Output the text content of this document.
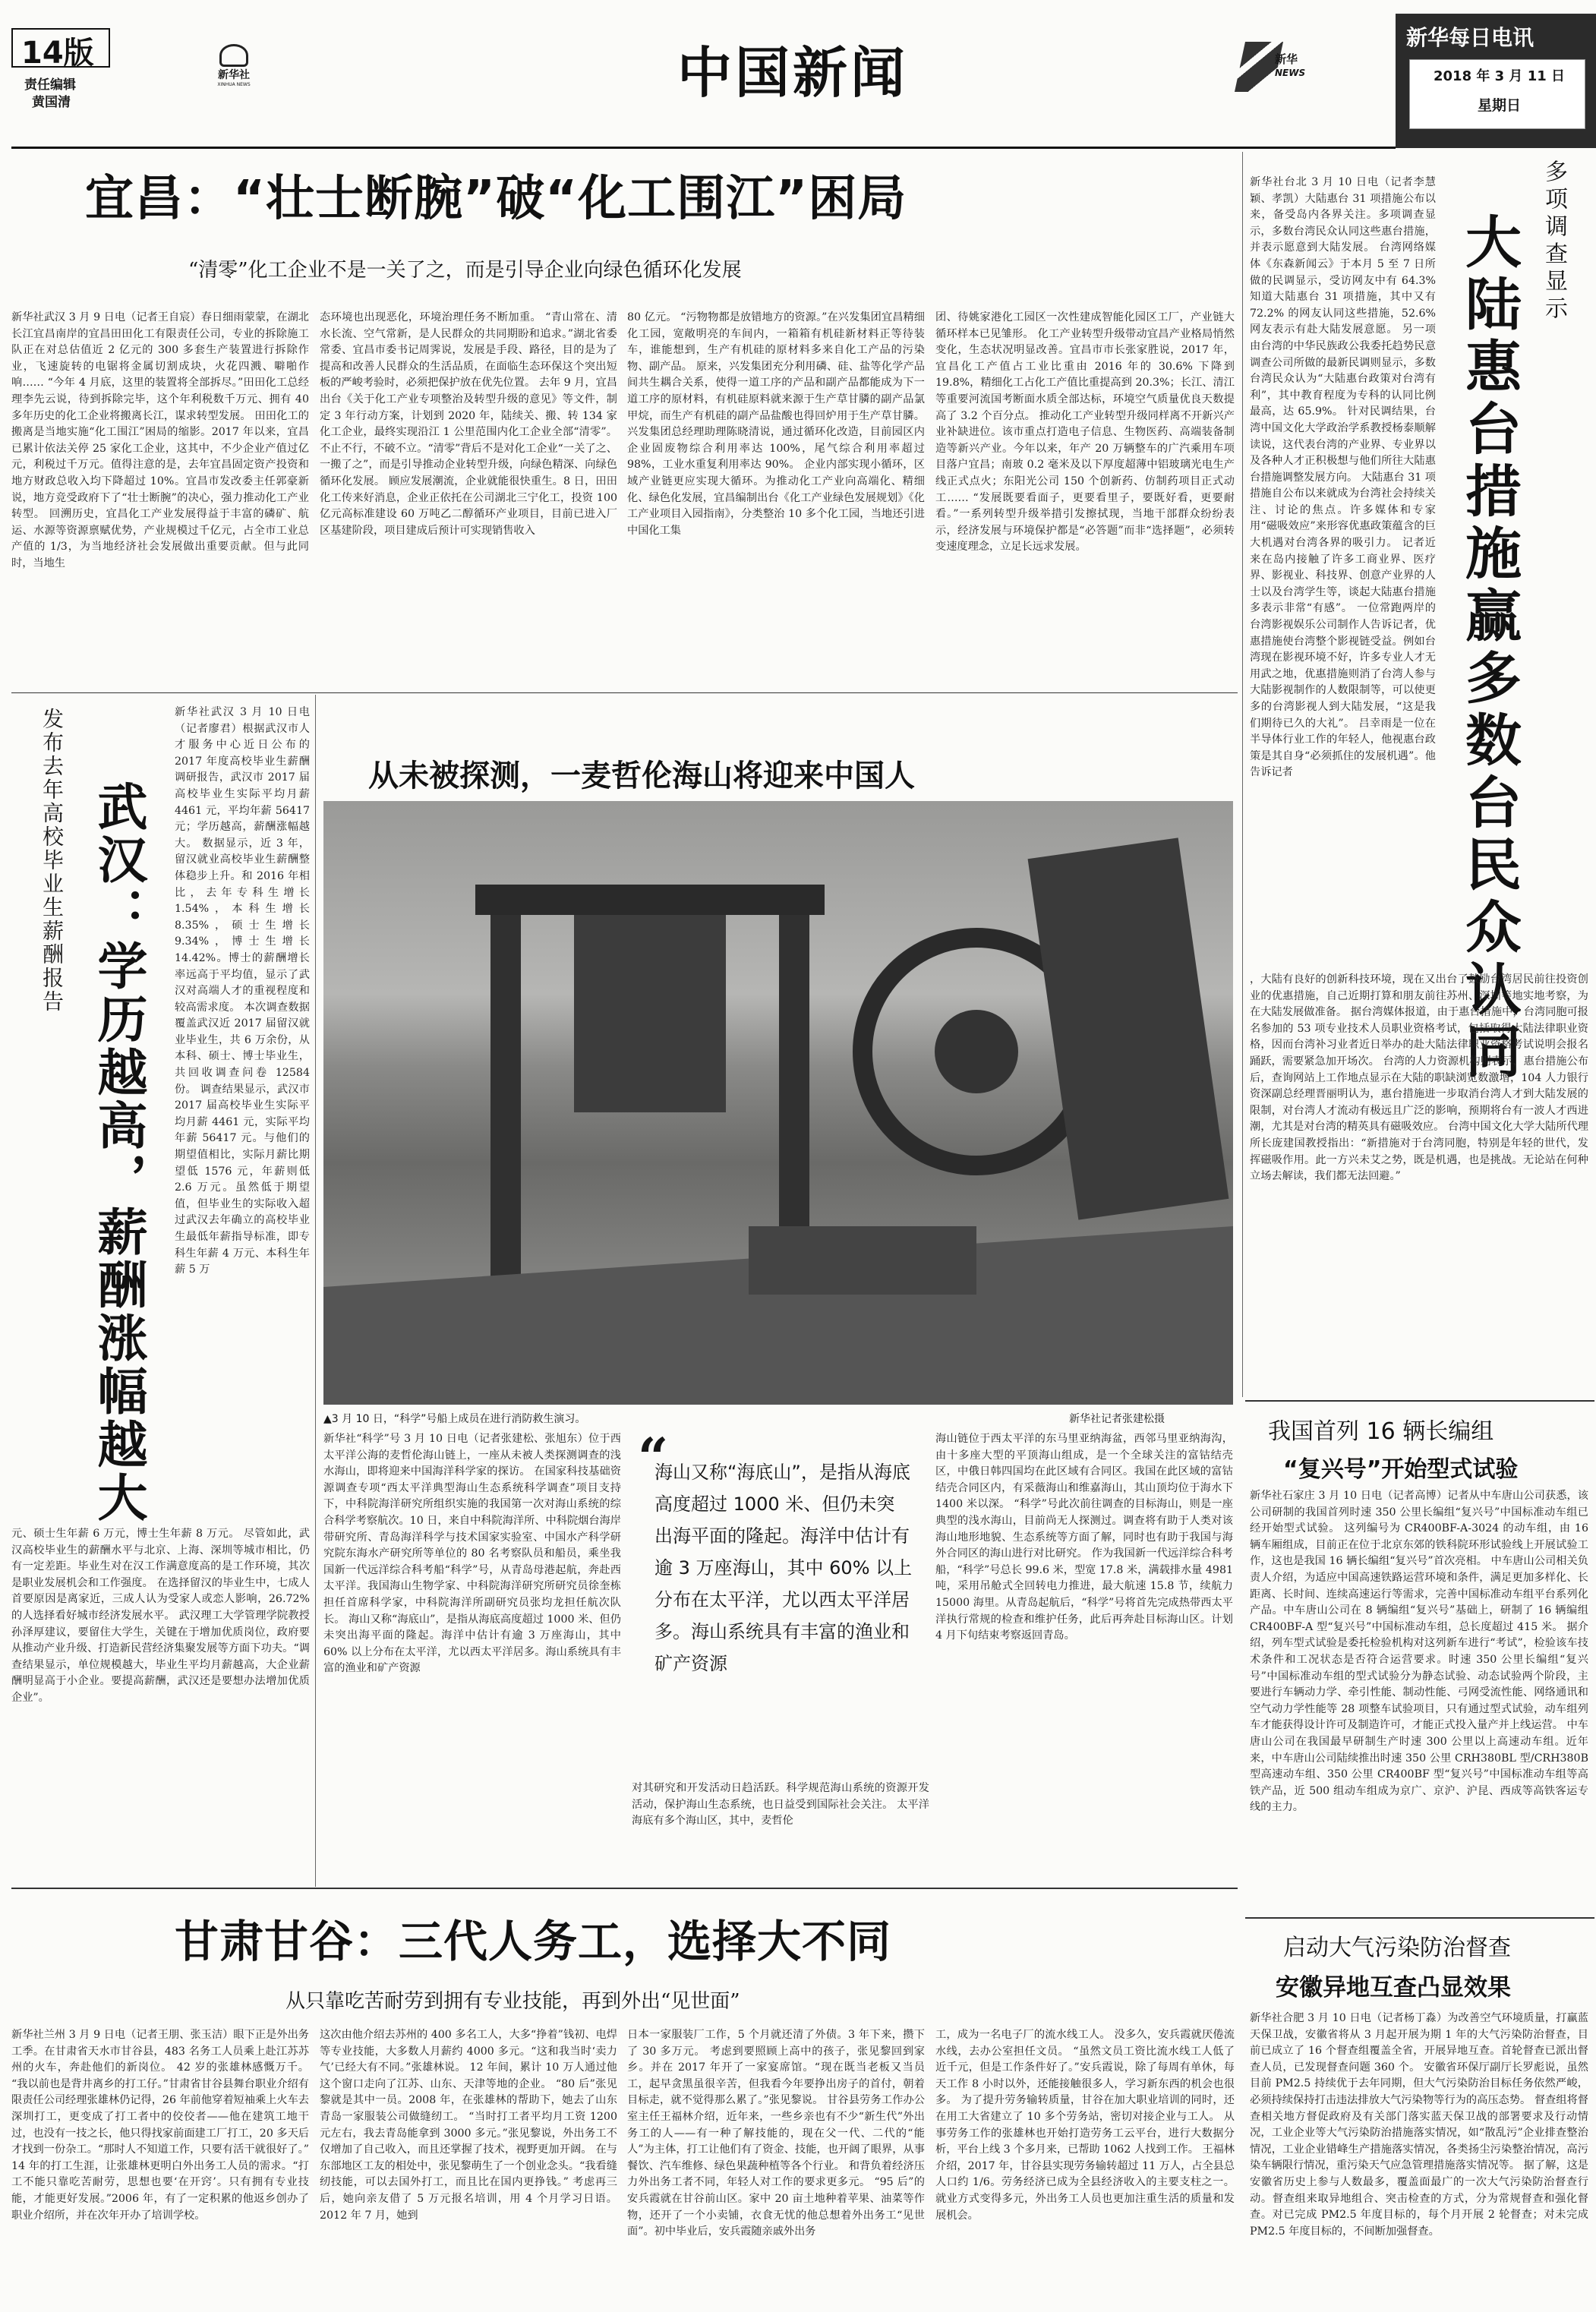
14版
责任编辑
黄国清
新华社
XINHUA NEWS	中国新闻	新华
NEWS
新华每日电讯
2018 年 3 月 11 日
星期日
宜昌：“壮士断腕”破“化工围江”困局
“清零”化工企业不是一关了之，而是引导企业向绿色循环化发展
新华社武汉 3 月 9 日电（记者王自宸）春日细雨蒙蒙，在湖北长江宜昌南岸的宜昌田田化工有限责任公司，专业的拆除施工队正在对总估值近 2 亿元的 300 多套生产装置进行拆除作业，飞速旋转的电锯将金属切割成块，火花四溅、噼啪作响…… “今年 4 月底，这里的装置将全部拆尽。”田田化工总经理李先云说，待到拆除完毕，这个年利税数千万元、拥有 40 多年历史的化工企业将搬离长江，谋求转型发展。 田田化工的搬离是当地实施“化工围江”困局的缩影。2017 年以来，宜昌已累计依法关停 25 家化工企业，这其中，不少企业产值过亿元，利税过千万元。值得注意的是，去年宜昌固定资产投资和地方财政总收入均下降超过 10%。宜昌市发改委主任郭豪新说，地方竞受政府下了“壮士断腕”的决心，强力推动化工产业转型。 回溯历史，宜昌化工产业发展得益于丰富的磷矿、航运、水源等资源禀赋优势，产业规模过千亿元，占全市工业总产值的 1/3，为当地经济社会发展做出重要贡献。但与此同时，当地生
态环境也出现恶化，环境治理任务不断加重。 “青山常在、清水长流、空气常新，是人民群众的共同期盼和追求。”湖北省委常委、宜昌市委书记周霁说，发展是手段、路径，目的是为了提高和改善人民群众的生活品质，在面临生态环保这个突出短板的严峻考验时，必须把保护放在优先位置。 去年 9 月，宜昌出台《关于化工产业专项整治及转型升级的意见》等文件，制定 3 年行动方案，计划到 2020 年，陆续关、搬、转 134 家化工企业，最终实现沿江 1 公里范围内化工企业全部“清零”。 不止不行，不破不立。“清零”背后不是对化工企业“一关了之、一搬了之”，而是引导推动企业转型升级，向绿色精深、向绿色循环化发展。 顾应发展潮流，企业就能很快重生。8 日，田田化工传来好消息，企业正依托在公司湖北三宁化工，投资 100 亿元高标准建设 60 万吨乙二醇循环产业项目，目前已进入厂区基建阶段，项目建成后预计可实现销售收入
80 亿元。 “污物物都是放错地方的资源。”在兴发集团宜昌精细化工园，宽敞明亮的车间内，一箱箱有机硅新材料正等待装车，谁能想到，生产有机硅的原材料多来自化工产品的污染物、副产品。 原来，兴发集团充分利用磷、硅、盐等化学产品间共生耦合关系，使得一道工序的产品和副产品都能成为下一道工序的原材料，有机硅原料就来源于生产草甘膦的副产品氯甲烷，而生产有机硅的副产品盐酸也得回炉用于生产草甘膦。 兴发集团总经理助理陈晓清说，通过循环化改造，目前园区内企业固废物综合利用率达 100%，尾气综合利用率超过 98%，工业水重复利用率达 90%。 企业内部实现小循环，区域产业链更应实现大循环。为推动化工产业向高端化、精细化、绿色化发展，宜昌编制出台《化工产业绿色发展规划》《化工产业项目入园指南》，分类整治 10 多个化工园，当地还引进中国化工集
团、待姚家港化工园区一次性建成智能化园区工厂，产业链大循环样本已见雏形。 化工产业转型升级带动宜昌产业格局悄然变化，生态状况明显改善。宜昌市市长张家胜说，2017 年，宜昌化工产值占工业比重由 2016 年的 30.6% 下降到 19.8%，精细化工占化工产值比重提高到 20.3%；长江、清江等重要河流国考断面水质全部达标，环境空气质量优良天数提高了 3.2 个百分点。 推动化工产业转型升级同样离不开新兴产业补缺进位。该市重点打造电子信息、生物医药、高端装备制造等新兴产业。今年以来，年产 20 万辆整车的广汽乘用车项目落户宜昌；南玻 0.2 毫米及以下厚度超薄中铝玻璃光电生产线正式点火；东阳光公司 150 个创新药、仿制药项目正式动工…… “发展既要看面子，更要看里子，要既好看，更要耐看。”一系列转型升级举措引发擦拭现，当地干部群众纷纷表示，经济发展与环境保护都是“必答题”而非“选择题”，必须转变速度理念，立足长远求发展。
多项调查显示
大陆惠台措施赢多数台民众认同
新华社台北 3 月 10 日电（记者李慧颖、孝凯）大陆惠台 31 项措施公布以来，备受岛内各界关注。多项调查显示，多数台湾民众认同这些惠台措施，并表示愿意到大陆发展。 台湾网络媒体《东森新闻云》于本月 5 至 7 日所做的民调显示，受访网友中有 64.3% 知道大陆惠台 31 项措施，其中又有 72.2% 的网友认同这些措施，52.6% 网友表示有赴大陆发展意愿。 另一项由台湾的中华民族政公我委托趋势民意调查公司所做的最新民调则显示，多数台湾民众认为“大陆惠台政策对台湾有利”，其中教育程度为专科的认同比例最高，达 65.9%。 针对民调结果，台湾中国文化大学政治学系教授杨泰顺解读说，这代表台湾的产业界、专业界以及各种人才正积极想与他们所往大陆惠台措施调整发展方向。 大陆惠台 31 项措施自公布以来就成为台湾社会持续关注、讨论的焦点。许多媒体和专家用“磁吸效应”来形容优惠政策蕴含的巨大机遇对台湾各界的吸引力。 记者近来在岛内接触了许多工商业界、医疗界、影视业、科技界、创意产业界的人士以及台湾学生等，谈起大陆惠台措施多表示非常“有感”。 一位常跑两岸的台湾影视娱乐公司制作人告诉记者，优惠措施使台湾整个影视链受益。例如台湾现在影视环境不好，许多专业人才无用武之地，优惠措施则消了台湾人参与大陆影视制作的人数限制等，可以使更多的台湾影视人到大陆发展，“这是我们期待已久的大礼”。 吕幸雨是一位在半导体行业工作的年轻人，他视惠台政策是其自身“必须抓住的发展机遇”。他告诉记者
，大陆有良好的创新科技环境，现在又出台了鼓励台湾居民前往投资创业的优惠措施，自己近期打算和朋友前往苏州、深圳等地实地考察，为在大陆发展做准备。 据台湾媒体报道，由于惠台措施中，台湾同胞可报名参加的 53 项专业技术人员职业资格考试，包括取得大陆法律职业资格，因而台湾补习业者近日举办的赴大陆法律职业资格考试说明会报名踊跃，需要紧急加开场次。 台湾的人力资源机构则表示，惠台措施公布后，查询网站上工作地点显示在大陆的职缺浏览数激增，104 人力银行资深副总经理晋丽明认为，惠台措施进一步取消台湾人才到大陆发展的限制，对台湾人才流动有极远且广泛的影响，预期将台有一波人才西进潮，尤其是对台湾的精英具有磁吸效应。 台湾中国文化大学大陆所代理所长庞建国教授指出：“新措施对于台湾同胞，特别是年轻的世代，发挥磁吸作用。此一方兴未艾之势，既是机遇，也是挑战。无论站在何种立场去解读，我们都无法回避。”
发布去年高校毕业生薪酬报告 武汉：学历越高，薪酬涨幅越大
新华社武汉 3 月 10 日电（记者廖君）根据武汉市人才服务中心近日公布的 2017 年度高校毕业生薪酬调研报告，武汉市 2017 届高校毕业生实际平均月薪 4461 元，平均年薪 56417 元；学历越高，薪酬涨幅越大。 数据显示，近 3 年，留汉就业高校毕业生薪酬整体稳步上升。和 2016 年相比，去年专科生增长 1.54%，本科生增长 8.35%，硕士生增长 9.34%，博士生增长 14.42%。博士的薪酬增长率远高于平均值，显示了武汉对高端人才的重视程度和较高需求度。 本次调查数据覆盖武汉近 2017 届留汉就业毕业生，共 6 万余份，从本科、硕士、博士毕业生，共回收调查问卷 12584 份。 调查结果显示，武汉市 2017 届高校毕业生实际平均月薪 4461 元，实际平均年薪 56417 元。与他们的期望值相比，实际月薪比期望低 1576 元，年薪则低 2.6 万元。虽然低于期望值，但毕业生的实际收入超过武汉去年确立的高校毕业生最低年薪指导标准，即专科生年薪 4 万元、本科生年薪 5 万
元、硕士生年薪 6 万元，博士生年薪 8 万元。 尽管如此，武汉高校毕业生的薪酬水平与北京、上海、深圳等城市相比，仍有一定差距。毕业生对在汉工作满意度高的是工作环境，其次是职业发展机会和工作强度。 在选择留汉的毕业生中，七成人首要原因是离家近，三成人认为受家人或恋人影响，26.72% 的人选择看好城市经济发展水平。 武汉理工大学管理学院教授孙泽厚建议，要留住大学生，关键在于增加优质岗位，政府要从推动产业升级、打造新民营经济集聚发展等方面下功夫。“调查结果显示，单位规模越大，毕业生平均月薪越高，大企业薪酬明显高于小企业。要提高薪酬，武汉还是要想办法增加优质企业”。
从未被探测，一麦哲伦海山将迎来中国人
▲3 月 10 日，“科学”号船上成员在进行消防救生演习。	新华社记者张建松摄
新华社“科学”号 3 月 10 日电（记者张建松、张旭东）位于西太平洋公海的麦哲伦海山链上，一座从未被人类探测调查的浅水海山，即将迎来中国海洋科学家的探访。 在国家科技基础资源调查专项“西太平洋典型海山生态系统科学调查”项目支持下，中科院海洋研究所组织实施的我国第一次对海山系统的综合科学考察航次。10 日，来自中科院海洋所、中科院烟台海岸带研究所、青岛海洋科学与技术国家实验室、中国水产科学研究院东海水产研究所等单位的 80 名考察队员和船员，乘坐我国新一代远洋综合科考船“科学”号，从青岛母港起航，奔赴西太平洋。我国海山生物学家、中科院海洋研究所研究员徐奎栋担任首席科学家，中科院海洋所副研究员张均龙担任航次队长。 海山又称“海底山”，是指从海底高度超过 1000 米、但仍未突出海平面的隆起。海洋中估计有逾 3 万座海山，其中 60% 以上分布在太平洋，尤以西太平洋居多。海山系统具有丰富的渔业和矿产资源
“
海山又称“海底山”，是指从海底高度超过 1000 米、但仍未突出海平面的隆起。海洋中估计有逾 3 万座海山，其中 60% 以上分布在太平洋，尤以西太平洋居多。海山系统具有丰富的渔业和矿产资源
对其研究和开发活动日趋活跃。科学规范海山系统的资源开发活动，保护海山生态系统，也日益受到国际社会关注。 太平洋海底有多个海山区，其中，麦哲伦
海山链位于西太平洋的东马里亚纳海盆，西邻马里亚纳海沟，由十多座大型的平顶海山组成，是一个全球关注的富钴结壳区，中俄日韩四国均在此区域有合同区。我国在此区域的富钴结壳合同区内，有采薇海山和维嘉海山，其山顶均位于海水下 1400 米以深。 “科学”号此次前往调查的目标海山，则是一座典型的浅水海山，目前尚无人探测过。调查将有助于人类对该海山地形地貌、生态系统等方面了解，同时也有助于我国与海外合同区的海山进行对比研究。 作为我国新一代远洋综合科考船，“科学”号总长 99.6 米，型宽 17.8 米，满载排水量 4981 吨，采用吊舱式全回转电力推进，最大航速 15.8 节，续航力 15000 海里。从青岛起航后，“科学”号将首先完成热带西太平洋执行常规的检查和维护任务，此后再奔赴目标海山区。计划 4 月下旬结束考察返回青岛。
我国首列 16 辆长编组
“复兴号”开始型式试验
新华社石家庄 3 月 10 日电（记者高博）记者从中车唐山公司获悉，该公司研制的我国首列时速 350 公里长编组“复兴号”中国标准动车组已经开始型式试验。 这列编号为 CR400BF-A-3024 的动车组，由 16 辆车厢组成，目前正在位于北京东郊的铁科院环形试验线上开展试验工作，这也是我国 16 辆长编组“复兴号”首次亮相。 中车唐山公司相关负责人介绍，为适应中国高速铁路运营环境和条件，满足更加多样化、长距离、长时间、连续高速运行等需求，完善中国标准动车组平台系列化产品。中车唐山公司在 8 辆编组“复兴号”基础上，研制了 16 辆编组 CR400BF-A 型“复兴号”中国标准动车组，总长度超过 415 米。 据介绍，列车型式试验是委托检验机构对这列新车进行“考试”，检验该车技术条件和工况状态是否符合运营要求。时速 350 公里长编组“复兴号”中国标准动车组的型式试验分为静态试验、动态试验两个阶段，主要进行车辆动力学、牵引性能、制动性能、弓网受流性能、网络通讯和空气动力学性能等 28 项整车试验项目，只有通过型式试验，动车组列车才能获得设计许可及制造许可，才能正式投入量产并上线运营。 中车唐山公司在我国最早研制生产时速 300 公里以上高速动车组。近年来，中车唐山公司陆续推出时速 350 公里 CRH380BL 型/CRH380B 型高速动车组、350 公里 CR400BF 型“复兴号”中国标准动车组等高铁产品，近 500 组动车组成为京广、京沪、沪昆、西成等高铁客运专线的主力。
甘肃甘谷：三代人务工，选择大不同
从只靠吃苦耐劳到拥有专业技能，再到外出“见世面”
新华社兰州 3 月 9 日电（记者王朋、张玉洁）眼下正是外出务工季。在甘肃省天水市甘谷县，483 名务工人员乘上赴江苏苏州的火车，奔赴他们的新岗位。 42 岁的张雄林感慨万千。 “我以前也是背井离乡的打工仔。”甘肃省甘谷县舞台职业介绍有限责任公司经理张雄林仍记得，26 年前他穿着短袖乘上火车去深圳打工，更变成了打工者中的佼佼者——他在建筑工地干过，也没有一技之长，他只得找家前面建工厂打工，20 多天后才找到一份杂工。“那时人不知道工作，只要有活干就很好了。” 14 年的打工生涯，让张雄林更明白外出务工人员的需求。“打工不能只靠吃苦耐劳，思想也要‘在开窍’。只有拥有专业技能，才能更好发展。”2006 年，有了一定积累的他返乡创办了职业介绍所，并在次年开办了培训学校。
这次由他介绍去苏州的 400 多名工人，大多“挣着”钱初、电焊等专业技能，大多数人月薪约 4000 多元。“这和我当时‘卖力气’已经大有不同。”张雄林说。 12 年间，累计 10 万人通过他这个窗口走向了江苏、山东、天津等地的企业。 “80 后”张见黎就是其中一员。2008 年，在张雄林的帮助下，她去了山东青岛一家服装公司做缝纫工。 “当时打工者平均月工资 1200 元左右，我去青岛能拿到 3000 多元。”张见黎说，外出务工不仅增加了自己收入，而且还掌握了技术，视野更加开阔。 在与东部地区工友的相处中，张见黎萌生了一个创业念头。“我看缝纫技能，可以去国外打工，而且比在国内更挣钱。” 考虑再三后，她向亲友借了 5 万元报名培训，用 4 个月学习日语。2012 年 7 月，她到
日本一家服装厂工作，5 个月就还清了外债。3 年下来，攒下了 30 多万元。 考虑到要照顾上高中的孩子，张见黎回到家乡。并在 2017 年开了一家宴席馆。“现在既当老板又当员工，起早贪黑虽很辛苦，但我看今年要挣出房子的首付，朝着目标走，就不觉得那么累了。”张见黎说。 甘谷县劳务工作办公室主任王福林介绍，近年来，一些乡亲也有不少“新生代”外出务工的人——有一种了解技能的，现在父一代、二代的“能人”为主体，打工让他们有了资金、技能，也开阔了眼界，从事餐饮、汽车维修、绿色果蔬种植等各个行业。 和背负着经济压力外出务工者不同，年轻人对工作的要求更多元。 “95 后”的安兵霞就在甘谷前山区。家中 20 亩土地种着苹果、油菜等作物，还开了一个小卖铺，衣食无忧的他总想着外出务工“见世面”。初中毕业后，安兵霞随亲戚外出务
工，成为一名电子厂的流水线工人。 没多久，安兵霞就厌倦流水线，去办公室担任文员。 “虽然文员工资比流水线工人低了近千元，但是工作条件好了。”安兵霞说，除了每周有单休，每天工作 8 小时以外，还能接触很多人，学习新东西的机会也很多。 为了提升劳务输转质量，甘谷在加大职业培训的同时，还在用工大省建立了 10 多个劳务站，密切对接企业与工人。 从事劳务工作的张雄林也开始打造劳务工云平台，进行大数据分析，平台上线 3 个多月来，已帮助 1062 人找到工作。 王福林介绍，2017 年，甘谷县实现劳务输转超过 11 万人，占全县总人口约 1/6。劳务经济已成为全县经济收入的主要支柱之一。就业方式变得多元，外出务工人员也更加注重生活的质量和发展机会。
启动大气污染防治督查
安徽异地互查凸显效果
新华社合肥 3 月 10 日电（记者杨丁淼）为改善空气环境质量，打赢蓝天保卫战，安徽省将从 3 月起开展为期 1 年的大气污染防治督查，目前已成立了 16 个督查组覆盖全省，开展异地互查。首轮督查已派出督查人员，已发现督查问题 360 个。 安徽省环保厅副厅长罗彪说，虽然目前 PM2.5 持续优于去年同期，但大气污染防治目标任务依然严峻，必须持续保持打击违法排放大气污染物等行为的高压态势。 督查组将督查相关地方督促政府及有关部门落实蓝天保卫战的部署要求及行动情况，工业企业等大气污染防治措施落实情况，如“散乱污”企业排查整治情况，工业企业错峰生产措施落实情况，各类扬尘污染整治情况，高污染车辆限行情况，重污染天气应急管理措施落实情况等。 据了解，这是安徽省历史上参与人数最多，覆盖面最广的一次大气污染防治督查行动。督查组来取异地组合、突击检查的方式，分为常规督查和强化督查。对已完成 PM2.5 年度目标的，每个月开展 2 轮督查；对未完成 PM2.5 年度目标的，不间断加强督查。
